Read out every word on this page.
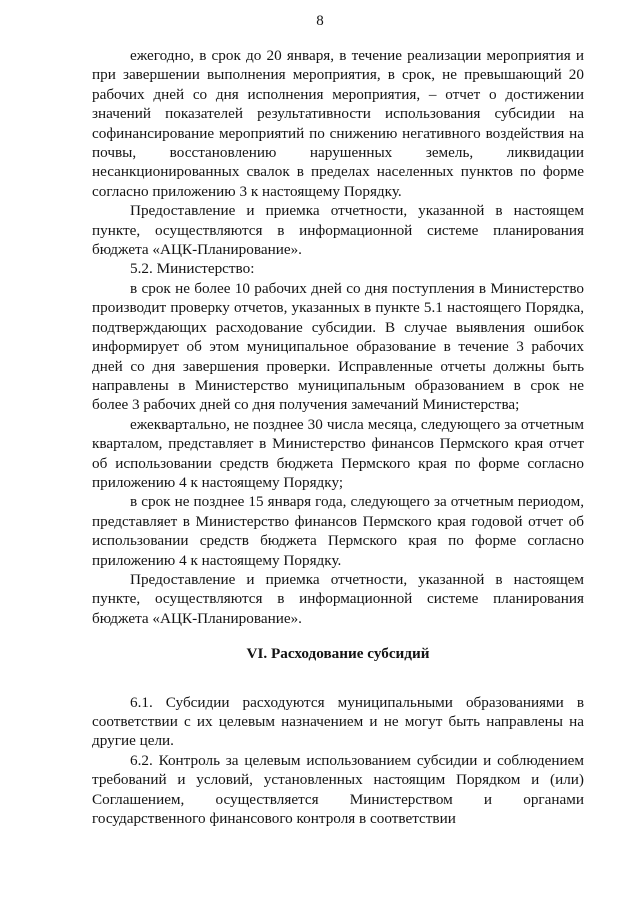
8

ежегодно, в срок до 20 января, в течение реализации мероприятия и при завершении выполнения мероприятия, в срок, не превышающий 20 рабочих дней со дня исполнения мероприятия, – отчет о достижении значений показателей результативности использования субсидии на софинансирование мероприятий по снижению негативного воздействия на почвы, восстановлению нарушенных земель, ликвидации несанкционированных свалок в пределах населенных пунктов по форме согласно приложению 3 к настоящему Порядку.

Предоставление и приемка отчетности, указанной в настоящем пункте, осуществляются в информационной системе планирования бюджета «АЦК-Планирование».

5.2. Министерство:

в срок не более 10 рабочих дней со дня поступления в Министерство производит проверку отчетов, указанных в пункте 5.1 настоящего Порядка, подтверждающих расходование субсидии. В случае выявления ошибок информирует об этом муниципальное образование в течение 3 рабочих дней со дня завершения проверки. Исправленные отчеты должны быть направлены в Министерство муниципальным образованием в срок не более 3 рабочих дней со дня получения замечаний Министерства;

ежеквартально, не позднее 30 числа месяца, следующего за отчетным кварталом, представляет в Министерство финансов Пермского края отчет об использовании средств бюджета Пермского края по форме согласно приложению 4 к настоящему Порядку;

в срок не позднее 15 января года, следующего за отчетным периодом, представляет в Министерство финансов Пермского края годовой отчет об использовании средств бюджета Пермского края по форме согласно приложению 4 к настоящему Порядку.

Предоставление и приемка отчетности, указанной в настоящем пункте, осуществляются в информационной системе планирования бюджета «АЦК-Планирование».

VI. Расходование субсидий

6.1. Субсидии расходуются муниципальными образованиями в соответствии с их целевым назначением и не могут быть направлены на другие цели.

6.2. Контроль за целевым использованием субсидии и соблюдением требований и условий, установленных настоящим Порядком и (или) Соглашением, осуществляется Министерством и органами государственного финансового контроля в соответствии
